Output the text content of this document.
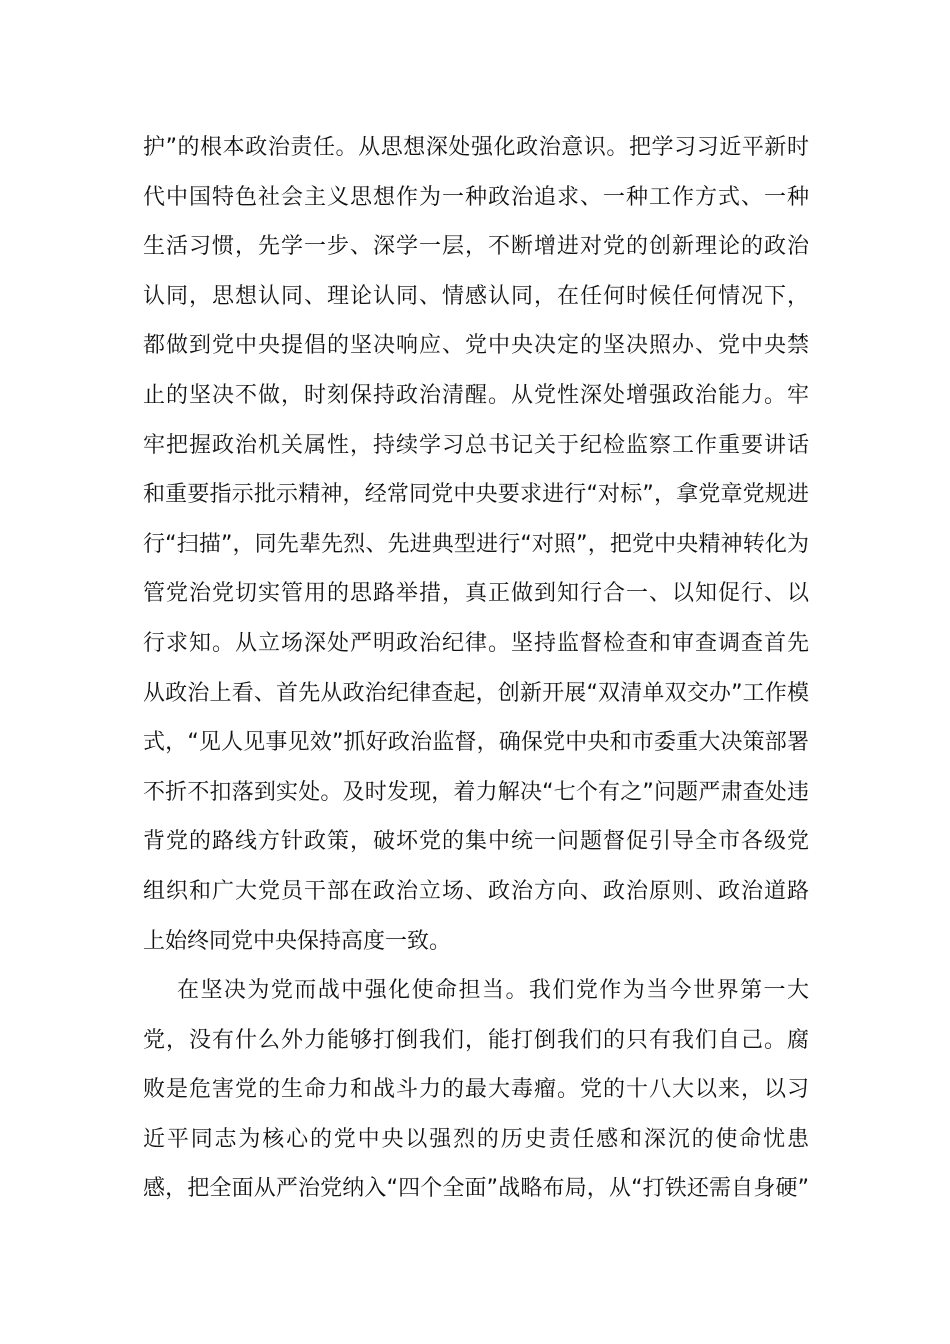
护”的根本政治责任。从思想深处强化政治意识。把学习习近平新时
代中国特色社会主义思想作为一种政治追求、一种工作方式、一种
生活习惯，先学一步、深学一层，不断增进对党的创新理论的政治
认同，思想认同、理论认同、情感认同，在任何时候任何情况下，
都做到党中央提倡的坚决响应、党中央决定的坚决照办、党中央禁
止的坚决不做，时刻保持政治清醒。从党性深处增强政治能力。牢
牢把握政治机关属性，持续学习总书记关于纪检监察工作重要讲话
和重要指示批示精神，经常同党中央要求进行“对标”，拿党章党规进
行“扫描”，同先辈先烈、先进典型进行“对照”，把党中央精神转化为
管党治党切实管用的思路举措，真正做到知行合一、以知促行、以
行求知。从立场深处严明政治纪律。坚持监督检查和审查调查首先
从政治上看、首先从政治纪律查起，创新开展“双清单双交办”工作模
式，“见人见事见效”抓好政治监督，确保党中央和市委重大决策部署
不折不扣落到实处。及时发现，着力解决“七个有之”问题严肃查处违
背党的路线方针政策，破坏党的集中统一问题督促引导全市各级党
组织和广大党员干部在政治立场、政治方向、政治原则、政治道路
上始终同党中央保持高度一致。
在坚决为党而战中强化使命担当。我们党作为当今世界第一大
党，没有什么外力能够打倒我们，能打倒我们的只有我们自己。腐
败是危害党的生命力和战斗力的最大毒瘤。党的十八大以来，以习
近平同志为核心的党中央以强烈的历史责任感和深沉的使命忧患
感，把全面从严治党纳入“四个全面”战略布局，从“打铁还需自身硬”
